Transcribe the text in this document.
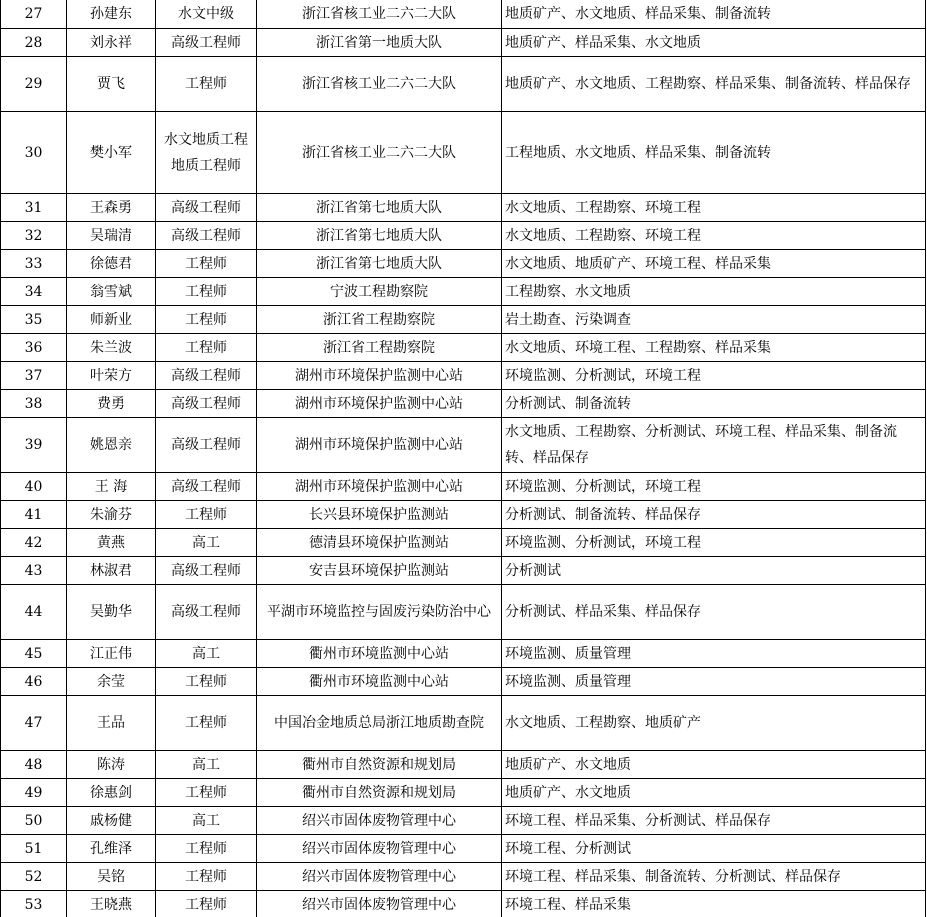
27	孙建东	水文中级	浙江省核工业二六二大队	地质矿产、水文地质、样品采集、制备流转
28	刘永祥	高级工程师	浙江省第一地质大队	地质矿产、样品采集、水文地质
29	贾飞	工程师	浙江省核工业二六二大队	地质矿产、水文地质、工程勘察、样品采集、制备流转、样品保存
30	樊小军	水文地质工程地质工程师	浙江省核工业二六二大队	工程地质、水文地质、样品采集、制备流转
31	王森勇	高级工程师	浙江省第七地质大队	水文地质、工程勘察、环境工程
32	吴瑞清	高级工程师	浙江省第七地质大队	水文地质、工程勘察、环境工程
33	徐德君	工程师	浙江省第七地质大队	水文地质、地质矿产、环境工程、样品采集
34	翁雪斌	工程师	宁波工程勘察院	工程勘察、水文地质
35	师新业	工程师	浙江省工程勘察院	岩土勘查、污染调查
36	朱兰波	工程师	浙江省工程勘察院	水文地质、环境工程、工程勘察、样品采集
37	叶荣方	高级工程师	湖州市环境保护监测中心站	环境监测、分析测试，环境工程
38	费勇	高级工程师	湖州市环境保护监测中心站	分析测试、制备流转
39	姚恩亲	高级工程师	湖州市环境保护监测中心站	水文地质、工程勘察、分析测试、环境工程、样品采集、制备流转、样品保存
40	王 海	高级工程师	湖州市环境保护监测中心站	环境监测、分析测试，环境工程
41	朱渝芬	工程师	长兴县环境保护监测站	分析测试、制备流转、样品保存
42	黄燕	高工	德清县环境保护监测站	环境监测、分析测试，环境工程
43	林淑君	高级工程师	安吉县环境保护监测站	分析测试
44	吴勤华	高级工程师	平湖市环境监控与固废污染防治中心	分析测试、样品采集、样品保存
45	江正伟	高工	衢州市环境监测中心站	环境监测、质量管理
46	余莹	工程师	衢州市环境监测中心站	环境监测、质量管理
47	王品	工程师	中国冶金地质总局浙江地质勘查院	水文地质、工程勘察、地质矿产
48	陈涛	高工	衢州市自然资源和规划局	地质矿产、水文地质
49	徐惠剑	工程师	衢州市自然资源和规划局	地质矿产、水文地质
50	戚杨健	高工	绍兴市固体废物管理中心	环境工程、样品采集、分析测试、样品保存
51	孔维泽	工程师	绍兴市固体废物管理中心	环境工程、分析测试
52	吴铭	工程师	绍兴市固体废物管理中心	环境工程、样品采集、制备流转、分析测试、样品保存
53	王晓燕	工程师	绍兴市固体废物管理中心	环境工程、样品采集
